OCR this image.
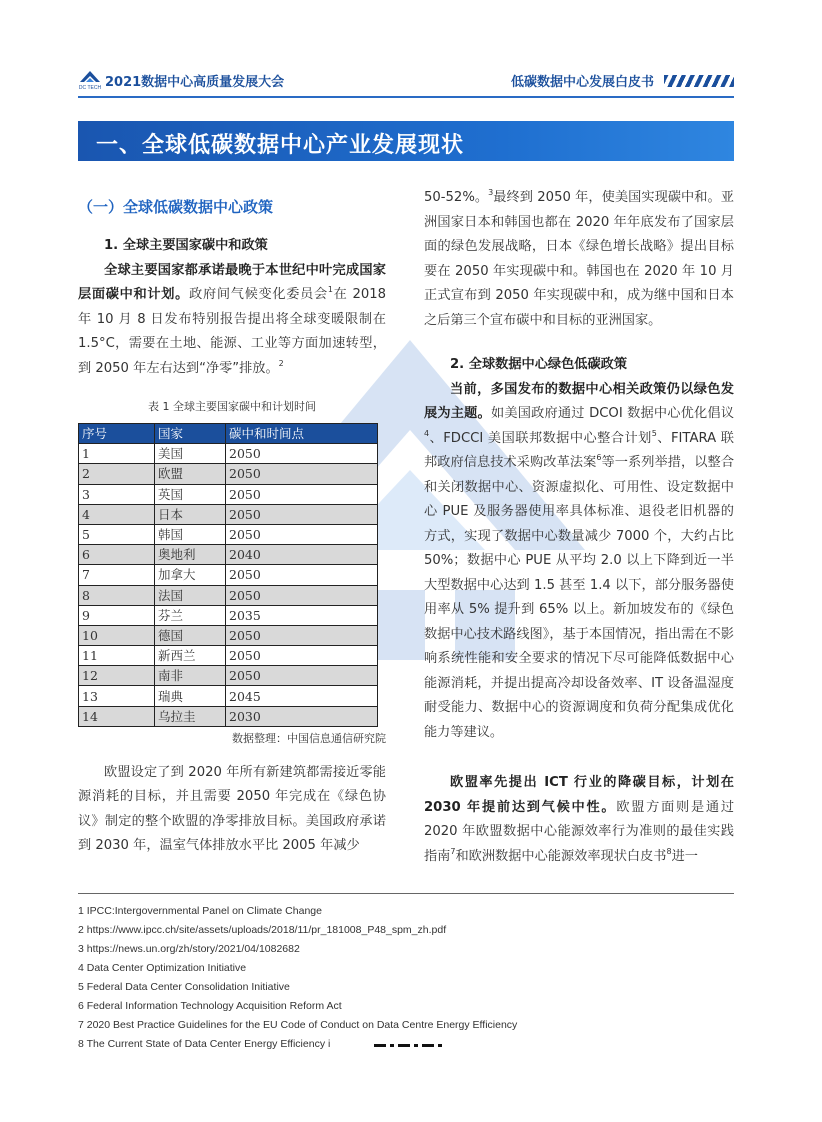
DC TECH 2021数据中心高质量发展大会	低碳数据中心发展白皮书
一、全球低碳数据中心产业发展现状
（一）全球低碳数据中心政策
1. 全球主要国家碳中和政策

全球主要国家都承诺最晚于本世纪中叶完成国家层面碳中和计划。政府间气候变化委员会$^1$在 2018 年 10 月 8 日发布特别报告提出将全球变暖限制在 1.5°C，需要在土地、能源、工业等方面加速转型，到 2050 年左右达到“净零”排放。$^2$

表 1 全球主要国家碳中和计划时间
序号	国家	碳中和时间点
1	美国	2050
2	欧盟	2050
3	英国	2050
4	日本	2050
5	韩国	2050
6	奥地利	2040
7	加拿大	2050
8	法国	2050
9	芬兰	2035
10	德国	2050
11	新西兰	2050
12	南非	2050
13	瑞典	2045
14	乌拉圭	2030
数据整理：中国信息通信研究院

欧盟设定了到 2020 年所有新建筑都需接近零能源消耗的目标，并且需要 2050 年完成在《绿色协议》制定的整个欧盟的净零排放目标。美国政府承诺到 2030 年，温室气体排放水平比 2005 年减少

50-52%。$^3$最终到 2050 年，使美国实现碳中和。亚洲国家日本和韩国也都在 2020 年年底发布了国家层面的绿色发展战略，日本《绿色增长战略》提出目标要在 2050 年实现碳中和。韩国也在 2020 年 10 月正式宣布到 2050 年实现碳中和，成为继中国和日本之后第三个宣布碳中和目标的亚洲国家。

2. 全球数据中心绿色低碳政策

当前，多国发布的数据中心相关政策仍以绿色发展为主题。如美国政府通过 DCOI 数据中心优化倡议$^4$、FDCCI 美国联邦数据中心整合计划$^5$、FITARA 联邦政府信息技术采购改革法案$^6$等一系列举措，以整合和关闭数据中心、资源虚拟化、可用性、设定数据中心 PUE 及服务器使用率具体标准、退役老旧机器的方式，实现了数据中心数量减少 7000 个，大约占比 50%；数据中心 PUE 从平均 2.0 以上下降到近一半大型数据中心达到 1.5 甚至 1.4 以下，部分服务器使用率从 5% 提升到 65% 以上。新加坡发布的《绿色数据中心技术路线图》，基于本国情况，指出需在不影响系统性能和安全要求的情况下尽可能降低数据中心能源消耗，并提出提高冷却设备效率、IT 设备温湿度耐受能力、数据中心的资源调度和负荷分配集成优化能力等建议。

欧盟率先提出 ICT 行业的降碳目标，计划在 2030 年提前达到气候中性。欧盟方面则是通过 2020 年欧盟数据中心能源效率行为准则的最佳实践指南$^7$和欧洲数据中心能源效率现状白皮书$^8$进一

1 IPCC:Intergovernmental Panel on Climate Change
2 https://www.ipcc.ch/site/assets/uploads/2018/11/pr_181008_P48_spm_zh.pdf
3 https://news.un.org/zh/story/2021/04/1082682
4 Data Center Optimization Initiative
5 Federal Data Center Consolidation Initiative
6 Federal Information Technology Acquisition Reform Act
7 2020 Best Practice Guidelines for the EU Code of Conduct on Data Centre Energy Efficiency
8 The Current State of Data Center Energy Efficiency i
